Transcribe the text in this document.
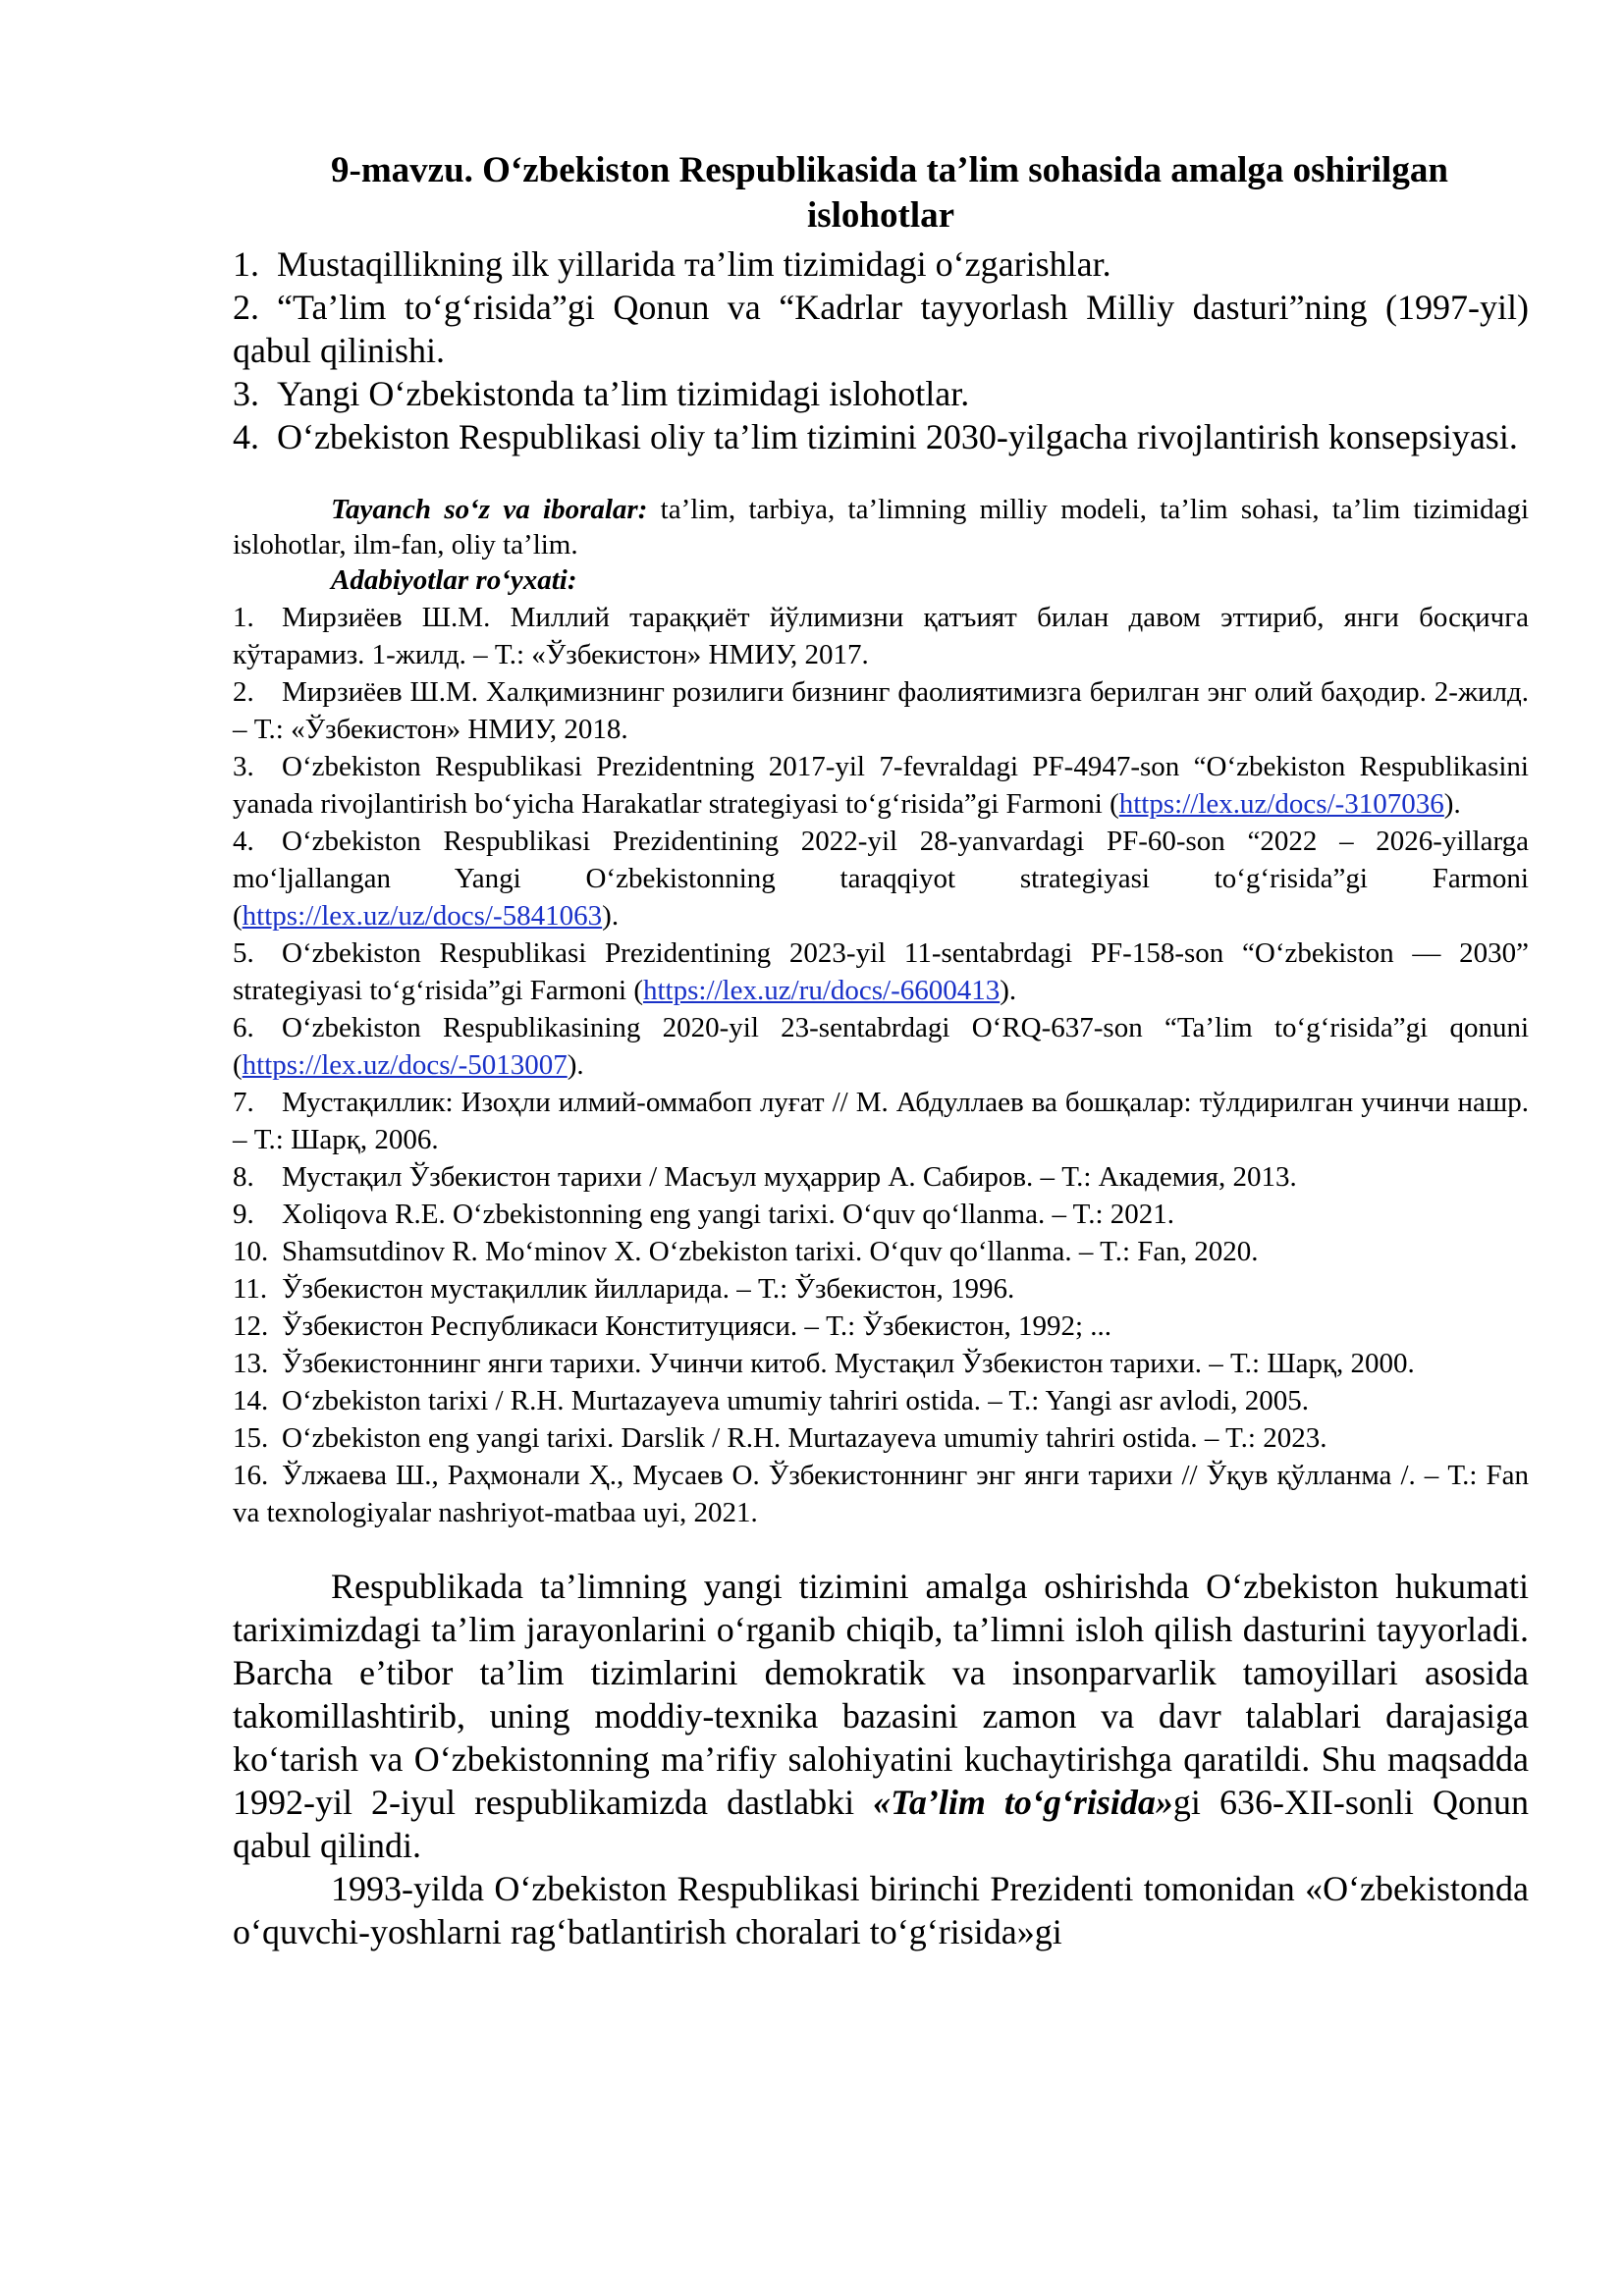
9-mavzu. O‘zbekiston Respublikasida ta’lim sohasida amalga oshirilgan
islohotlar
1. Mustaqillikning ilk yillarida тa’lim tizimidagi o‘zgarishlar.
2. “Ta’lim to‘g‘risida”gi Qonun va “Kadrlar tayyorlash Milliy dasturi”ning (1997-yil) qabul qilinishi.
3. Yangi O‘zbekistonda ta’lim tizimidagi islohotlar.
4. O‘zbekiston Respublikasi oliy ta’lim tizimini 2030-yilgacha rivojlantirish konsepsiyasi.
Tayanch so‘z va iboralar: ta’lim, tarbiya, ta’limning milliy modeli, ta’lim sohasi, ta’lim tizimidagi islohotlar, ilm-fan, oliy ta’lim.
Adabiyotlar ro‘yxati:
1. Мирзиёев Ш.М. Миллий тараққиёт йўлимизни қатъият билан давом эттириб, янги босқичга кўтарамиз. 1-жилд. – Т.: «Ўзбекистон» НМИУ, 2017.
2. Мирзиёев Ш.М. Халқимизнинг розилиги бизнинг фаолиятимизга берилган энг олий баҳодир. 2-жилд. – Т.: «Ўзбекистон» НМИУ, 2018.
3. O‘zbekiston Respublikasi Prezidentning 2017-yil 7-fevraldagi PF-4947-son “O‘zbekiston Respublikasini yanada rivojlantirish bo‘yicha Harakatlar strategiyasi to‘g‘risida”gi Farmoni (https://lex.uz/docs/-3107036).
4. O‘zbekiston Respublikasi Prezidentining 2022-yil 28-yanvardagi PF-60-son “2022 – 2026-yillarga mo‘ljallangan Yangi O‘zbekistonning taraqqiyot strategiyasi to‘g‘risida”gi Farmoni (https://lex.uz/uz/docs/-5841063).
5. O‘zbekiston Respublikasi Prezidentining 2023-yil 11-sentabrdagi PF-158-son “O‘zbekiston — 2030” strategiyasi to‘g‘risida”gi Farmoni (https://lex.uz/ru/docs/-6600413).
6. O‘zbekiston Respublikasining 2020-yil 23-sentabrdagi O‘RQ-637-son “Ta’lim to‘g‘risida”gi qonuni (https://lex.uz/docs/-5013007).
7. Мустақиллик: Изоҳли илмий-оммабоп луғат // М. Абдуллаев ва бошқалар: тўлдирилган учинчи нашр. – Т.: Шарқ, 2006.
8. Мустақил Ўзбекистон тарихи / Масъул муҳаррир А. Сабиров. – Т.: Академия, 2013.
9. Xoliqova R.E. O‘zbekistonning eng yangi tarixi. O‘quv qo‘llanma. – T.: 2021.
10. Shamsutdinov R. Mo‘minov X. O‘zbekiston tarixi. O‘quv qo‘llanma. – T.: Fan, 2020.
11. Ўзбекистон мустақиллик йилларида. – Т.: Ўзбекистон, 1996.
12. Ўзбекистон Республикаси Конституцияси. – Т.: Ўзбекистон, 1992; ...
13. Ўзбекистоннинг янги тарихи. Учинчи китоб. Мустақил Ўзбекистон тарихи. – Т.: Шарқ, 2000.
14. O‘zbekiston tarixi / R.H. Murtazayeva umumiy tahriri ostida. – T.: Yangi asr avlodi, 2005.
15. O‘zbekiston eng yangi tarixi. Darslik / R.H. Murtazayeva umumiy tahriri ostida. – T.: 2023.
16. Ўлжаева Ш., Раҳмонали Ҳ., Мусаев О. Ўзбекистоннинг энг янги тарихи // Ўқув қўлланма /. – Т.: Fan va texnologiyalar nashriyot-matbaa uyi, 2021.

Respublikada ta’limning yangi tizimini amalga oshirishda O‘zbekiston hukumati tariximizdagi ta’lim jarayonlarini o‘rganib chiqib, ta’limni isloh qilish dasturini tayyorladi. Barcha e’tibor ta’lim tizimlarini demokratik va insonparvarlik tamoyillari asosida takomillashtirib, uning moddiy-texnika bazasini zamon va davr talablari darajasiga ko‘tarish va O‘zbekistonning ma’rifiy salohiyatini kuchaytirishga qaratildi. Shu maqsadda 1992-yil 2-iyul respublikamizda dastlabki «Ta’lim to‘g‘risida»gi 636-XII-sonli Qonun qabul qilindi.

1993-yilda O‘zbekiston Respublikasi birinchi Prezidenti tomonidan «O‘zbekistonda o‘quvchi-yoshlarni rag‘batlantirish choralari to‘g‘risida»gi
